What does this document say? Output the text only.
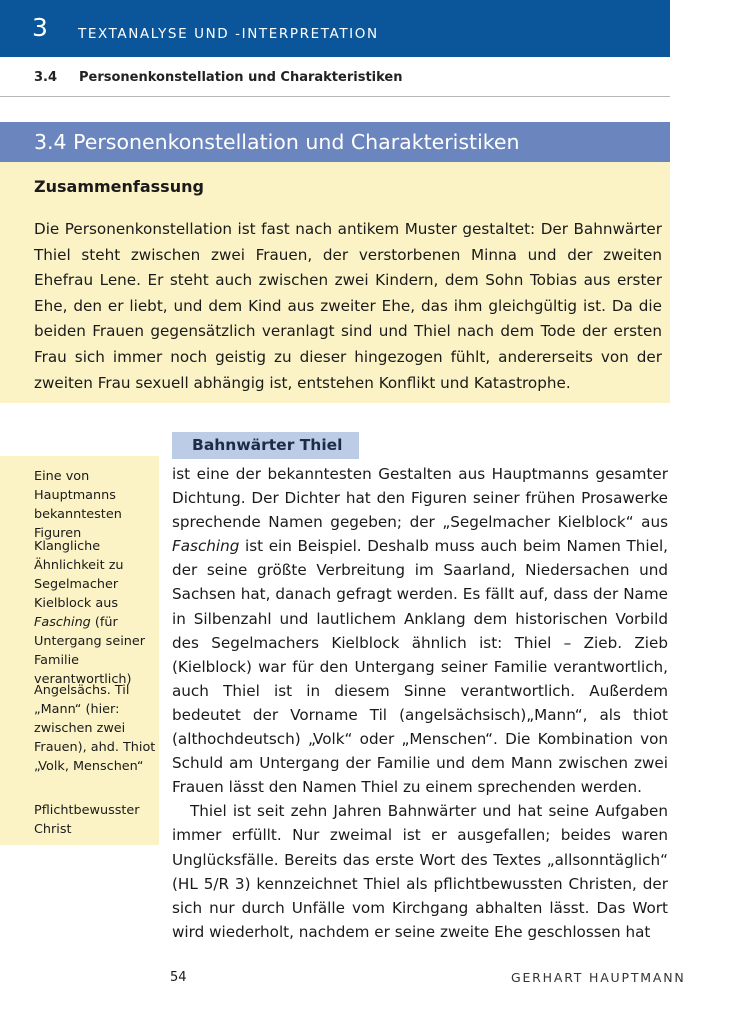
3 TEXTANALYSE UND -INTERPRETATION
3.4 Personenkonstellation und Charakteristiken
3.4 Personenkonstellation und Charakteristiken
Zusammenfassung
Die Personenkonstellation ist fast nach antikem Muster gestaltet: Der Bahnwärter Thiel steht zwischen zwei Frauen, der verstorbenen Minna und der zweiten Ehefrau Lene. Er steht auch zwischen zwei Kindern, dem Sohn Tobias aus erster Ehe, den er liebt, und dem Kind aus zweiter Ehe, das ihm gleichgültig ist. Da die beiden Frauen gegensätzlich veranlagt sind und Thiel nach dem Tode der ersten Frau sich immer noch geistig zu dieser hingezogen fühlt, andererseits von der zweiten Frau sexuell abhängig ist, entstehen Konflikt und Katastrophe.
Eine von Hauptmanns bekanntesten Figuren
Klangliche Ähnlichkeit zu Segelmacher Kielblock aus Fasching (für Untergang seiner Familie verantwortlich)
Angelsächs. Til „Mann“ (hier: zwischen zwei Frauen), ahd. Thiot „Volk, Menschen“
Pflichtbewusster Christ
Bahnwärter Thiel

ist eine der bekanntesten Gestalten aus Hauptmanns gesamter Dichtung. Der Dichter hat den Figuren seiner frühen Prosawerke sprechende Namen gegeben; der „Segelmacher Kielblock“ aus Fasching ist ein Beispiel. Deshalb muss auch beim Namen Thiel, der seine größte Verbreitung im Saarland, Niedersachen und Sachsen hat, danach gefragt werden. Es fällt auf, dass der Name in Silbenzahl und lautlichem Anklang dem historischen Vorbild des Segelmachers Kielblock ähnlich ist: Thiel – Zieb. Zieb (Kielblock) war für den Untergang seiner Familie verantwortlich, auch Thiel ist in diesem Sinne verantwortlich. Außerdem bedeutet der Vorname Til (angelsächsisch)„Mann“, als thiot (althochdeutsch) „Volk“ oder „Menschen“. Die Kombination von Schuld am Untergang der Familie und dem Mann zwischen zwei Frauen lässt den Namen Thiel zu einem sprechenden werden.

Thiel ist seit zehn Jahren Bahnwärter und hat seine Aufgaben immer erfüllt. Nur zweimal ist er ausgefallen; beides waren Unglücksfälle. Bereits das erste Wort des Textes „allsonntäglich“ (HL 5/R 3) kennzeichnet Thiel als pflichtbewussten Christen, der sich nur durch Unfälle vom Kirchgang abhalten lässt. Das Wort wird wiederholt, nachdem er seine zweite Ehe geschlossen hat

54	GERHART HAUPTMANN
